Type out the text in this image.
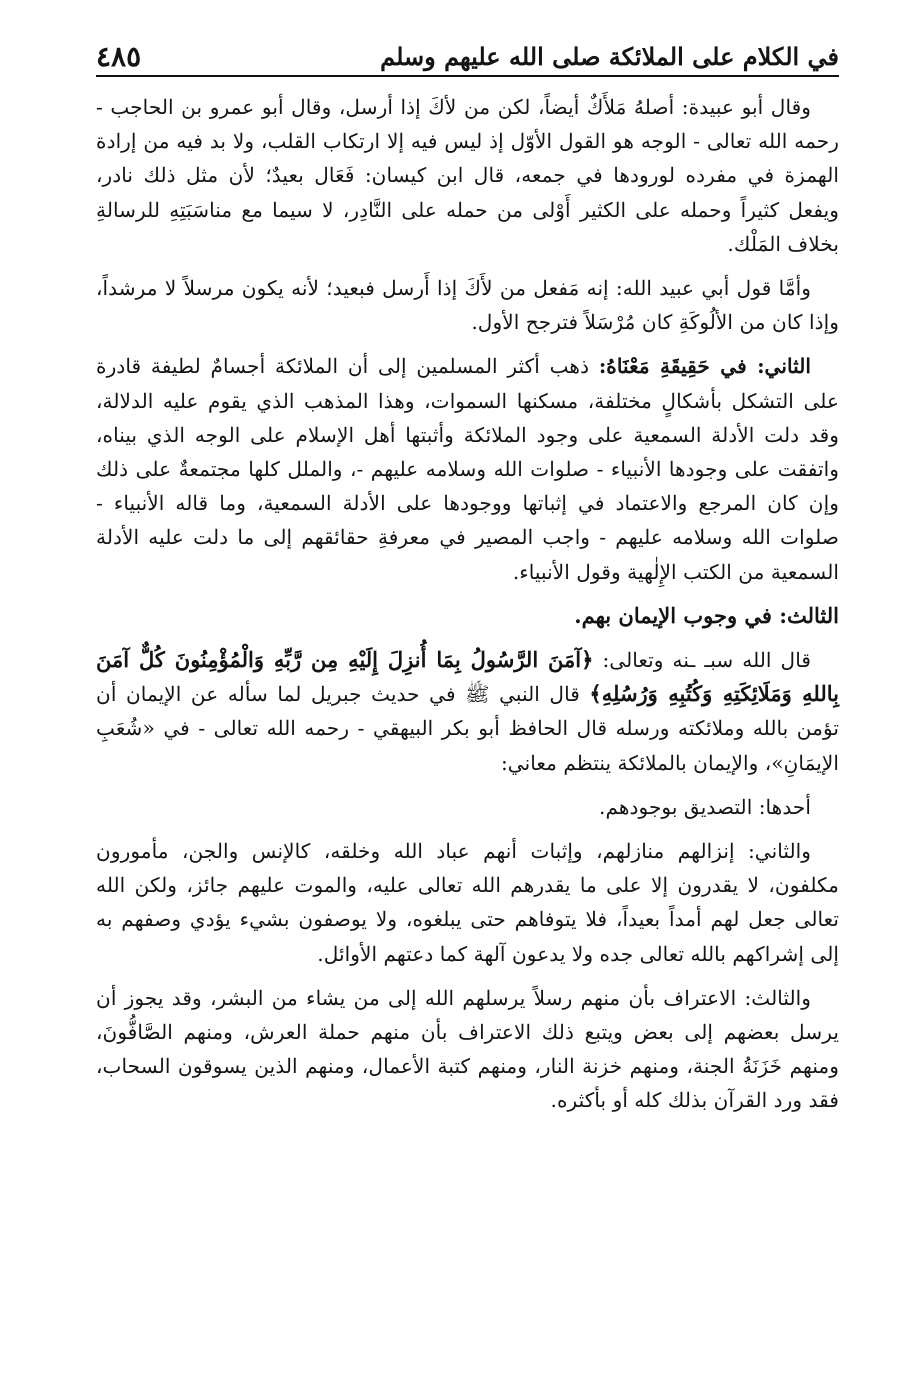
في الكلام على الملائكة صلى الله عليهم وسلم
٤٨٥

وقال أبو عبيدة: أصلهُ مَلأَكٌ أيضاً، لكن من لأكَ إذا أرسل، وقال أبو عمرو بن الحاجب - رحمه الله تعالى - الوجه هو القول الأوّل إذ ليس فيه إلا ارتكاب القلب، ولا بد فيه من إرادة الهمزة في مفرده لورودها في جمعه، قال ابن كيسان: فَعَال بعيدٌ؛ لأن مثل ذلك نادر، ويفعل كثيراً وحمله على الكثير أَوْلى من حمله على النَّادِر، لا سيما مع مناسَبَتِهِ للرسالةِ بخلاف المَلْك.

وأمَّا قول أبي عبيد الله: إنه مَفعل من لأَكَ إذا أَرسل فبعيد؛ لأنه يكون مرسلاً لا مرشداً، وإذا كان من الألُوكَةِ كان مُرْسَلاً فترجح الأول.

الثاني: في حَقِيقَةِ مَعْنَاهُ: ذهب أكثر المسلمين إلى أن الملائكة أجسامٌ لطيفة قادرة على التشكل بأشكالٍ مختلفة، مسكنها السموات، وهذا المذهب الذي يقوم عليه الدلالة، وقد دلت الأدلة السمعية على وجود الملائكة وأثبتها أهل الإسلام على الوجه الذي بيناه، واتفقت على وجودها الأنبياء - صلوات الله وسلامه عليهم -، والملل كلها مجتمعةٌ على ذلك وإن كان المرجع والاعتماد في إثباتها ووجودها على الأدلة السمعية، وما قاله الأنبياء - صلوات الله وسلامه عليهم - واجب المصير في معرفةِ حقائقهم إلى ما دلت عليه الأدلة السمعية من الكتب الإِلٰهية وقول الأنبياء.

الثالث: في وجوب الإيمان بهم.

قال الله سبـ ـنه وتعالى: ﴿آمَنَ الرَّسُولُ بِمَا أُنزِلَ إِلَيْهِ مِن رَّبِّهِ وَالْمُؤْمِنُونَ كُلٌّ آمَنَ بِاللهِ وَمَلَائِكَتِهِ وَكُتُبِهِ وَرُسُلِهِ﴾ قال النبي ﷺ في حديث جبريل لما سأله عن الإيمان أن تؤمن بالله وملائكته ورسله قال الحافظ أبو بكر البيهقي - رحمه الله تعالى - في «شُعَبِ الإيمَانِ»، والإيمان بالملائكة ينتظم معاني:

أحدها: التصديق بوجودهم.

والثاني: إنزالهم منازلهم، وإثبات أنهم عباد الله وخلقه، كالإنس والجن، مأمورون مكلفون، لا يقدرون إلا على ما يقدرهم الله تعالى عليه، والموت عليهم جائز، ولكن الله تعالى جعل لهم أمداً بعيداً، فلا يتوفاهم حتى يبلغوه، ولا يوصفون بشيء يؤدي وصفهم به إلى إشراكهم بالله تعالى جده ولا يدعون آلهة كما دعتهم الأوائل.

والثالث: الاعتراف بأن منهم رسلاً يرسلهم الله إلى من يشاء من البشر، وقد يجوز أن يرسل بعضهم إلى بعض ويتبع ذلك الاعتراف بأن منهم حملة العرش، ومنهم الصَّافُّونَ، ومنهم خَزَنَةُ الجنة، ومنهم خزنة النار، ومنهم كتبة الأعمال، ومنهم الذين يسوقون السحاب، فقد ورد القرآن بذلك كله أو بأكثره.
